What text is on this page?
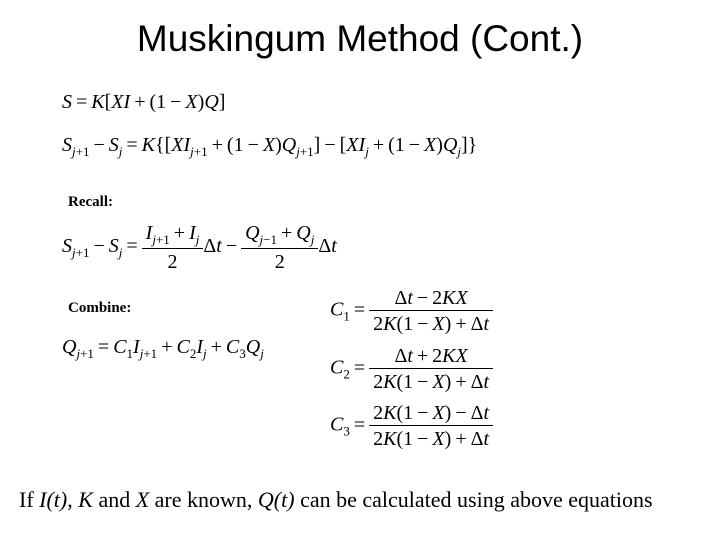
Muskingum Method (Cont.)
S = K[XI + (1 − X)Q]
$S_{j+1} - S_j = K\{[XI_{j+1} + (1 - X)Q_{j+1}] - [XI_j + (1 - X)Q_j]\}$
Recall:
$S_{j+1} - S_j = \frac{I_{j+1} + I_j}{2}$ $\Delta t - \frac{Q_{j-1} + Q_j}{2}$ Δt
Combine:
$Q_{j+1} = C_1I_{j+1} + C_2I_j + C_3Q_j$
$C_1 = \frac{\Delta t - 2KX}{2K(1 - X) + \Delta t}$
$C_2 = \frac{\Delta t + 2KX}{2K(1 - X) + \Delta t}$
$C_3 = \frac{2K(1 - X) - \Delta t}{2K(1 - X) + \Delta t}$
If I(t), K and X are known, Q(t) can be calculated using above equations
